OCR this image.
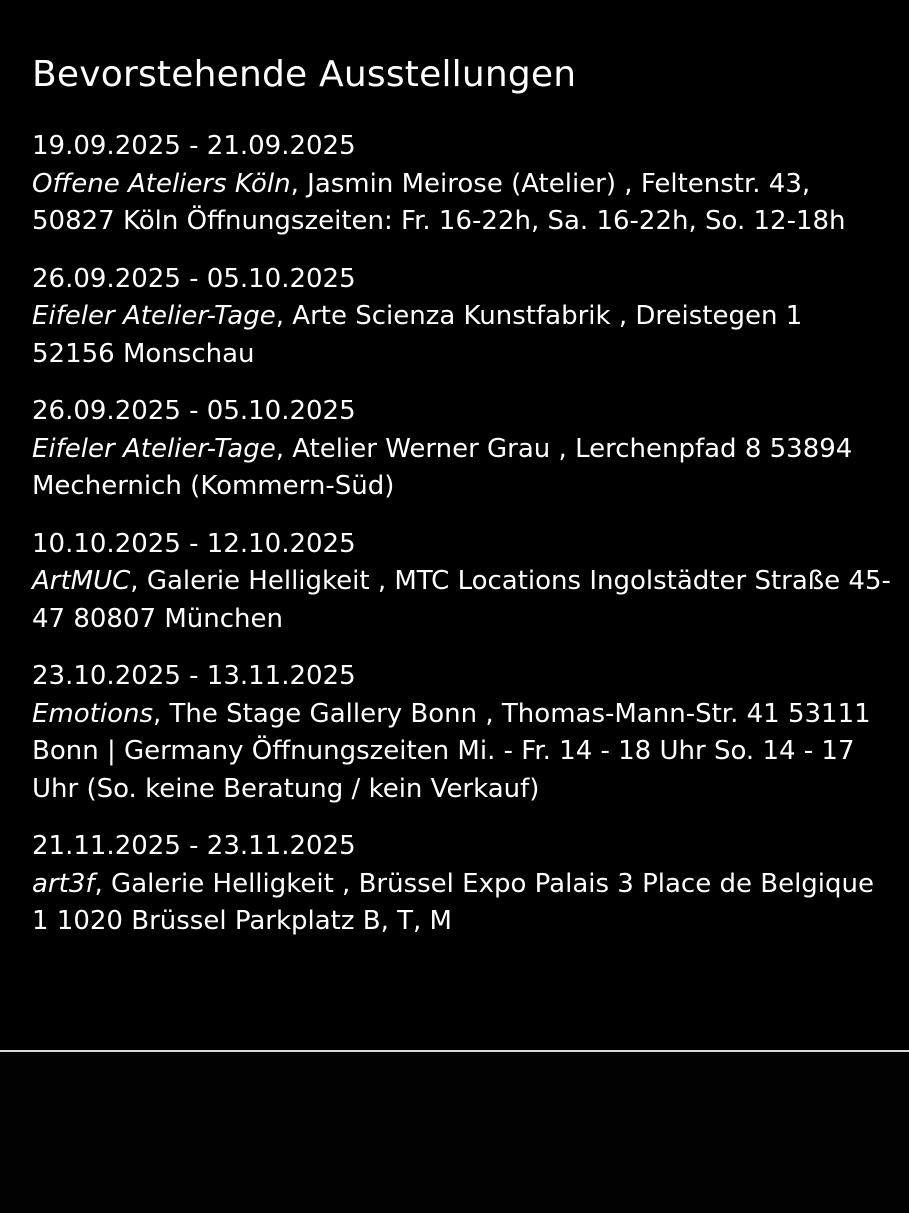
Bevorstehende Ausstellungen
19.09.2025 - 21.09.2025
Offene Ateliers Köln, Jasmin Meirose (Atelier) , Feltenstr. 43, 50827 Köln Öffnungszeiten: Fr. 16-22h, Sa. 16-22h, So. 12-18h
26.09.2025 - 05.10.2025
Eifeler Atelier-Tage, Arte Scienza Kunstfabrik , Dreistegen 1 52156 Monschau
26.09.2025 - 05.10.2025
Eifeler Atelier-Tage, Atelier Werner Grau , Lerchenpfad 8 53894 Mechernich (Kommern-Süd)
10.10.2025 - 12.10.2025
ArtMUC, Galerie Helligkeit , MTC Locations Ingolstädter Straße 45-47 80807 München
23.10.2025 - 13.11.2025
Emotions, The Stage Gallery Bonn , Thomas-Mann-Str. 41 53111 Bonn | Germany Öffnungszeiten Mi. - Fr. 14 - 18 Uhr So. 14 - 17 Uhr (So. keine Beratung / kein Verkauf)
21.11.2025 - 23.11.2025
art3f, Galerie Helligkeit , Brüssel Expo Palais 3 Place de Belgique 1 1020 Brüssel Parkplatz B, T, M
